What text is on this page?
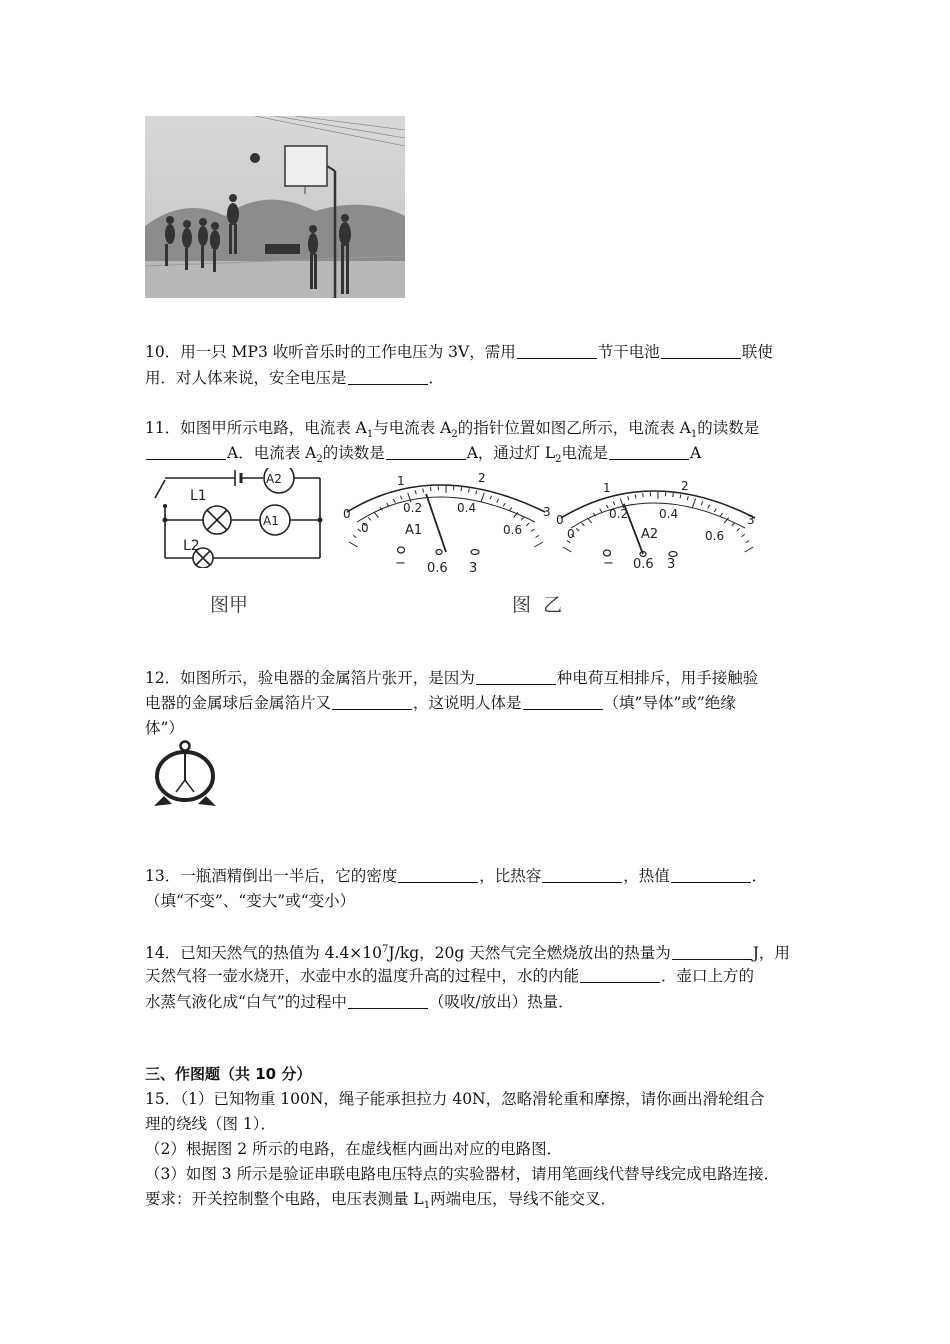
10．用一只 MP3 收听音乐时的工作电压为 3V，需用	节干电池	联使
用．对人体来说，安全电压是	．
11．如图甲所示电路，电流表 $A_1$与电流表 $A_2$的指针位置如图乙所示，电流表 $A_1$的读数是
A．电流表 $A_2$的读数是	A，通过灯 $L_2$电流是	A
L1
L2
A2
A1
图甲
0
1	2
3
0
0.2	0.4
0.6
A1
− 0.6 3
0
1	2
3
0
0.2	0.4
0.6
A2
− 0.6 3
图  乙
12．如图所示，验电器的金属箔片张开，是因为	种电荷互相排斥，用手接触验
电器的金属球后金属箔片又	，这说明人体是	（填”导体”或”绝缘
体”）
13．一瓶酒精倒出一半后，它的密度	，比热容	，热值	．
（填“不变”、“变大”或“变小）
14．已知天然气的热值为 $4.4\times 10^7J/kg$，20g 天然气完全燃烧放出的热量为	J，用
天然气将一壶水烧开，水壶中水的温度升高的过程中，水的内能	．壶口上方的
水蒸气液化成“白气”的过程中	（吸收/放出）热量．
三、作图题（共 10 分）
15．（1）已知物重 100N，绳子能承担拉力 40N，忽略滑轮重和摩擦，请你画出滑轮组合
理的绕线（图 1）．
（2）根据图 2 所示的电路，在虚线框内画出对应的电路图．
（3）如图 3 所示是验证串联电路电压特点的实验器材，请用笔画线代替导线完成电路连接．
要求：开关控制整个电路，电压表测量 $L_1$两端电压，导线不能交叉．
